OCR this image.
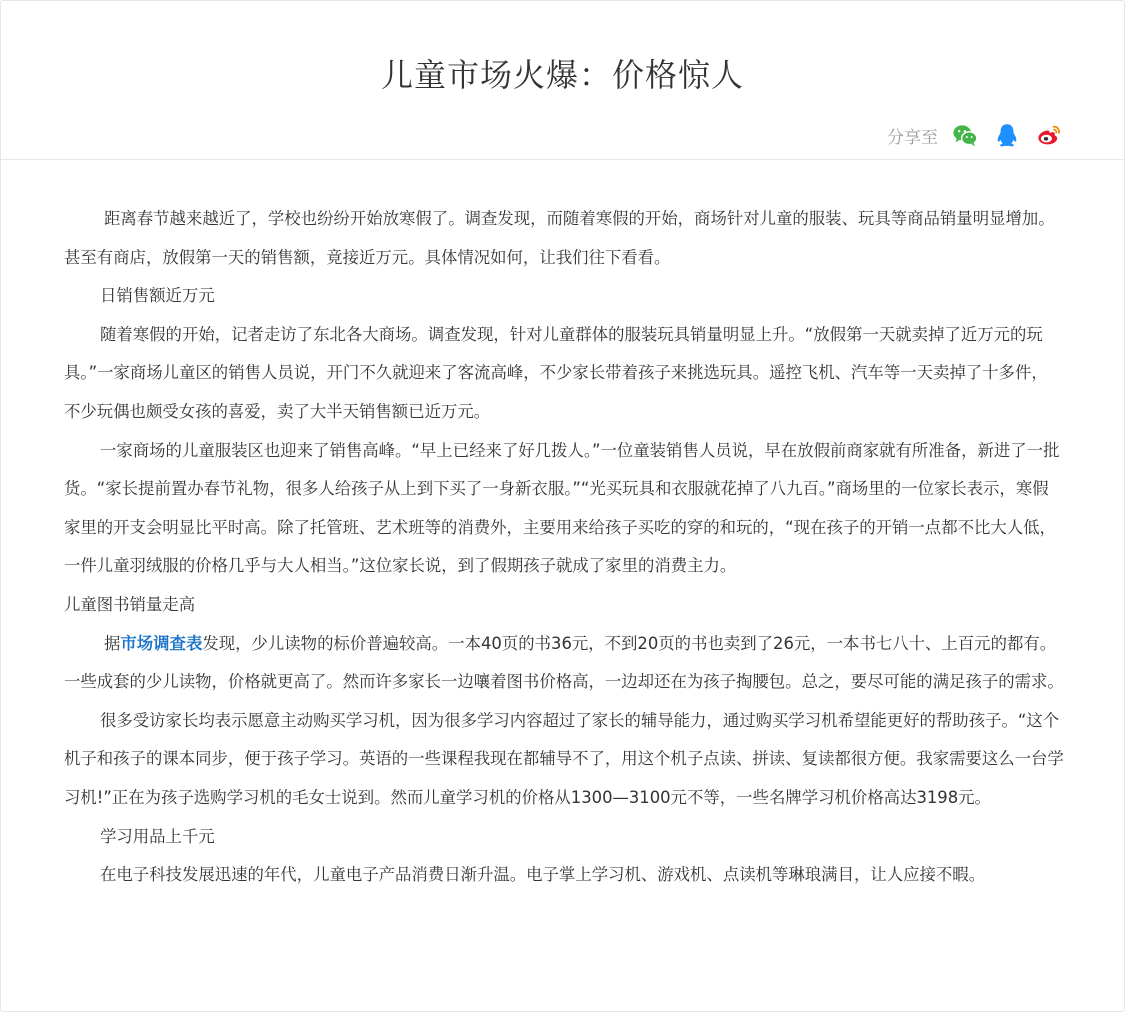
儿童市场火爆：价格惊人
分享至

距离春节越来越近了，学校也纷纷开始放寒假了。调查发现，而随着寒假的开始，商场针对儿童的服装、玩具等商品销量明显增加。甚至有商店，放假第一天的销售额，竟接近万元。具体情况如何，让我们往下看看。

日销售额近万元

随着寒假的开始，记者走访了东北各大商场。调查发现，针对儿童群体的服装玩具销量明显上升。“放假第一天就卖掉了近万元的玩具。”一家商场儿童区的销售人员说，开门不久就迎来了客流高峰，不少家长带着孩子来挑选玩具。遥控飞机、汽车等一天卖掉了十多件，不少玩偶也颇受女孩的喜爱，卖了大半天销售额已近万元。

一家商场的儿童服装区也迎来了销售高峰。“早上已经来了好几拨人。”一位童装销售人员说，早在放假前商家就有所准备，新进了一批货。“家长提前置办春节礼物，很多人给孩子从上到下买了一身新衣服。”“光买玩具和衣服就花掉了八九百。”商场里的一位家长表示，寒假家里的开支会明显比平时高。除了托管班、艺术班等的消费外，主要用来给孩子买吃的穿的和玩的，“现在孩子的开销一点都不比大人低，一件儿童羽绒服的价格几乎与大人相当。”这位家长说，到了假期孩子就成了家里的消费主力。

儿童图书销量走高

据市场调查表发现，少儿读物的标价普遍较高。一本40页的书36元，不到20页的书也卖到了26元，一本书七八十、上百元的都有。一些成套的少儿读物，价格就更高了。然而许多家长一边嚷着图书价格高，一边却还在为孩子掏腰包。总之，要尽可能的满足孩子的需求。

很多受访家长均表示愿意主动购买学习机，因为很多学习内容超过了家长的辅导能力，通过购买学习机希望能更好的帮助孩子。“这个机子和孩子的课本同步，便于孩子学习。英语的一些课程我现在都辅导不了，用这个机子点读、拼读、复读都很方便。我家需要这么一台学习机!”正在为孩子选购学习机的毛女士说到。然而儿童学习机的价格从1300—3100元不等，一些名牌学习机价格高达3198元。

学习用品上千元

在电子科技发展迅速的年代，儿童电子产品消费日渐升温。电子掌上学习机、游戏机、点读机等琳琅满目，让人应接不暇。
